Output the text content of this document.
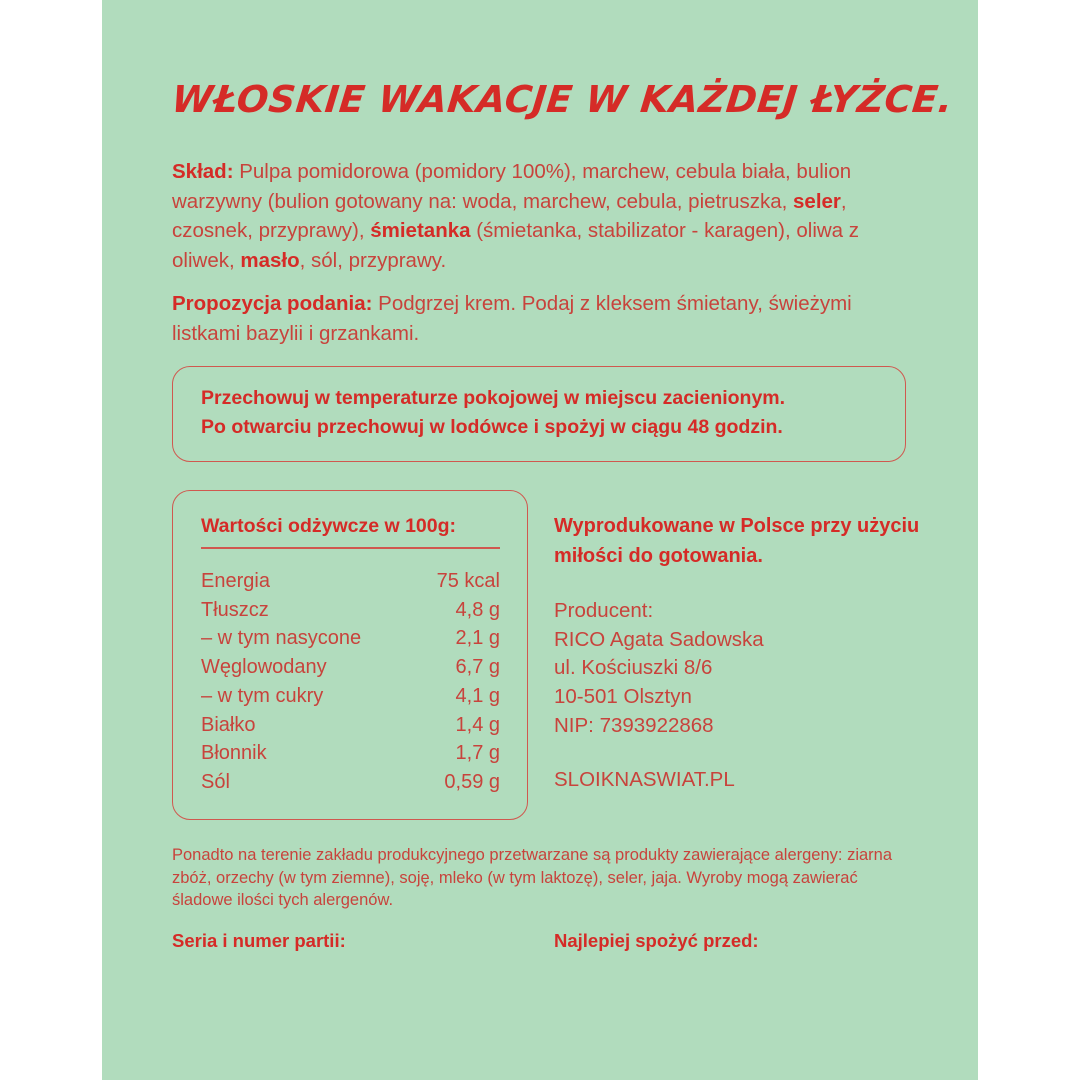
WŁOSKIE WAKACJE W KAŻDEJ ŁYŻCE.

Skład: Pulpa pomidorowa (pomidory 100%), marchew, cebula biała, bulion warzywny (bulion gotowany na: woda, marchew, cebula, pietruszka, seler, czosnek, przyprawy), śmietanka (śmietanka, stabilizator - karagen), oliwa z oliwek, masło, sól, przyprawy.

Propozycja podania: Podgrzej krem. Podaj z kleksem śmietany, świeżymi listkami bazylii i grzankami.

Przechowuj w temperaturze pokojowej w miejscu zacienionym.
Po otwarciu przechowuj w lodówce i spożyj w ciągu 48 godzin.
Wartości odżywcze w 100g:
Energia	75 kcal
Tłuszcz	4,8 g
– w tym nasycone	2,1 g
Węglowodany	6,7 g
– w tym cukry	4,1 g
Białko	1,4 g
Błonnik	1,7 g
Sól	0,59 g

Wyprodukowane w Polsce przy użyciu miłości do gotowania.

Producent:
RICO Agata Sadowska
ul. Kościuszki 8/6
10-501 Olsztyn
NIP: 7393922868
SLOIKNASWIAT.PL

Ponadto na terenie zakładu produkcyjnego przetwarzane są produkty zawierające alergeny: ziarna zbóż, orzechy (w tym ziemne), soję, mleko (w tym laktozę), seler, jaja. Wyroby mogą zawierać śladowe ilości tych alergenów.

Seria i numer partii:	Najlepiej spożyć przed:
